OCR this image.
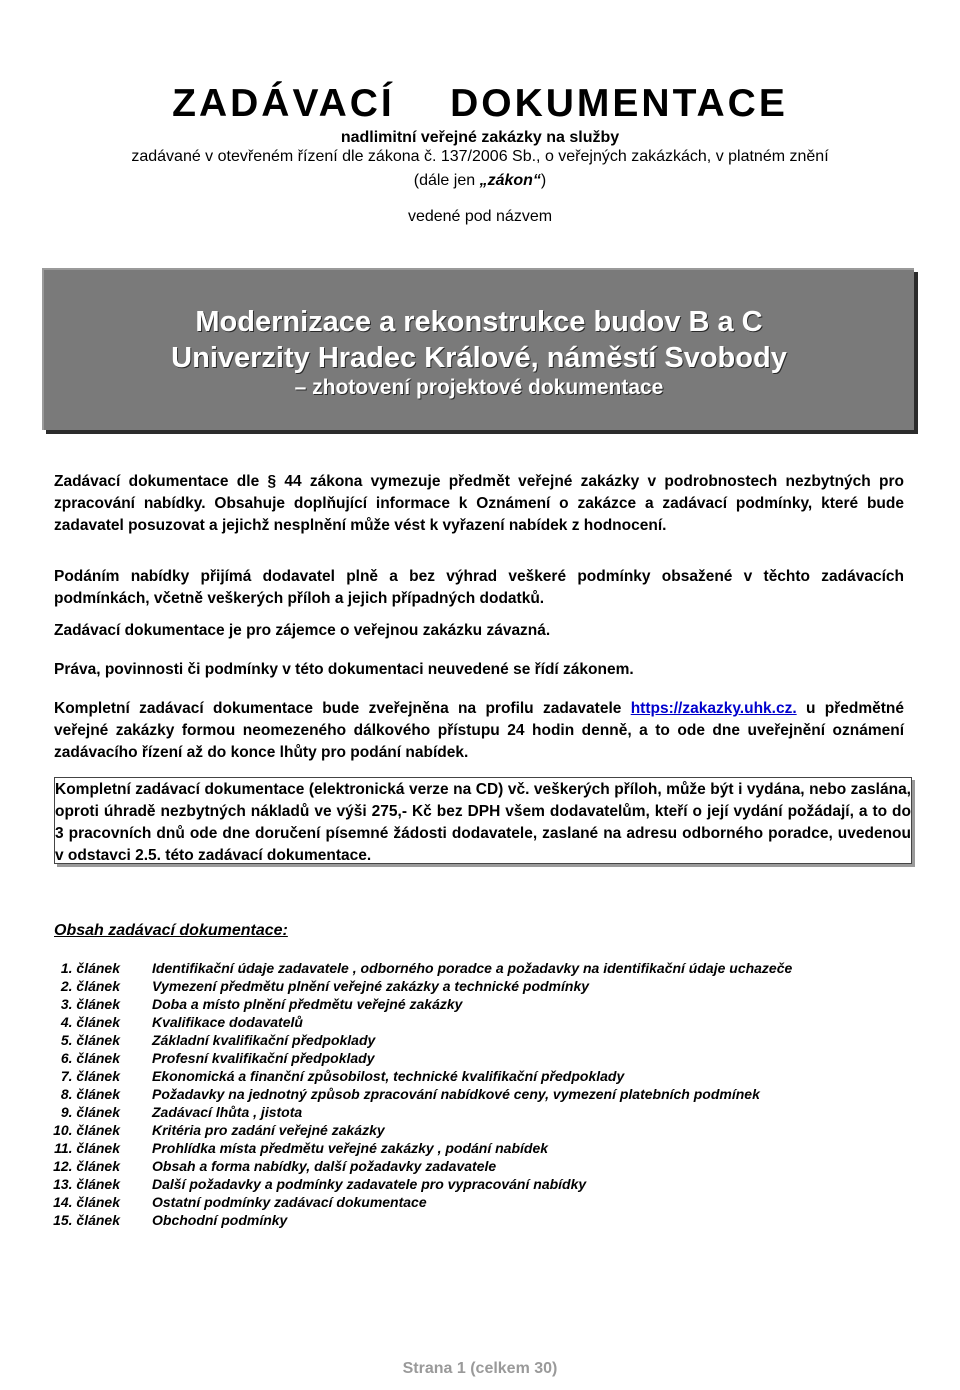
ZADÁVACÍ    DOKUMENTACE
nadlimitní veřejné zakázky na služby
zadávané v otevřeném řízení dle zákona č. 137/2006 Sb., o veřejných zakázkách, v platném znění
(dále jen „zákon“)
vedené pod názvem
Modernizace a rekonstrukce budov B a C
Univerzity Hradec Králové, náměstí Svobody
– zhotovení projektové dokumentace
Zadávací dokumentace dle § 44 zákona vymezuje předmět veřejné zakázky v podrobnostech nezbytných pro zpracování nabídky. Obsahuje doplňující informace k Oznámení o zakázce a zadávací podmínky, které bude zadavatel posuzovat a jejichž nesplnění může vést k vyřazení nabídek z hodnocení.
Podáním nabídky přijímá dodavatel plně a bez výhrad veškeré podmínky obsažené v těchto zadávacích podmínkách, včetně veškerých příloh a jejich případných dodatků.
Zadávací dokumentace je pro zájemce o veřejnou zakázku závazná.
Práva, povinnosti či podmínky v této dokumentaci neuvedené se řídí zákonem.
Kompletní zadávací dokumentace bude zveřejněna na profilu zadavatele https://zakazky.uhk.cz. u předmětné veřejné zakázky formou neomezeného dálkového přístupu 24 hodin denně, a to ode dne uveřejnění oznámení zadávacího řízení až do konce lhůty pro podání nabídek.
Kompletní zadávací dokumentace (elektronická verze na CD) vč. veškerých příloh, může být i vydána, nebo zaslána, oproti úhradě nezbytných nákladů ve výši 275,- Kč bez DPH všem dodavatelům, kteří o její vydání požádají, a to do 3 pracovních dnů ode dne doručení písemné žádosti dodavatele, zaslané na adresu odborného poradce, uvedenou v odstavci 2.5. této zadávací dokumentace.
Obsah zadávací dokumentace:
1. článek Identifikační údaje zadavatele , odborného poradce a požadavky na identifikační údaje uchazeče
2. článek Vymezení předmětu plnění veřejné zakázky a technické podmínky
3. článek Doba a místo plnění předmětu veřejné zakázky
4. článek Kvalifikace dodavatelů
5. článek Základní kvalifikační předpoklady
6. článek Profesní kvalifikační předpoklady
7. článek Ekonomická a finanční způsobilost, technické kvalifikační předpoklady
8. článek Požadavky na jednotný způsob zpracování nabídkové ceny, vymezení platebních podmínek
9. článek Zadávací lhůta , jistota
10. článek Kritéria pro zadání veřejné zakázky
11. článek Prohlídka místa předmětu veřejné zakázky , podání nabídek
12. článek Obsah a forma nabídky, další požadavky zadavatele
13. článek Další požadavky a podmínky zadavatele pro vypracování nabídky
14. článek Ostatní podmínky zadávací dokumentace
15. článek Obchodní podmínky
Strana 1 (celkem 30)
